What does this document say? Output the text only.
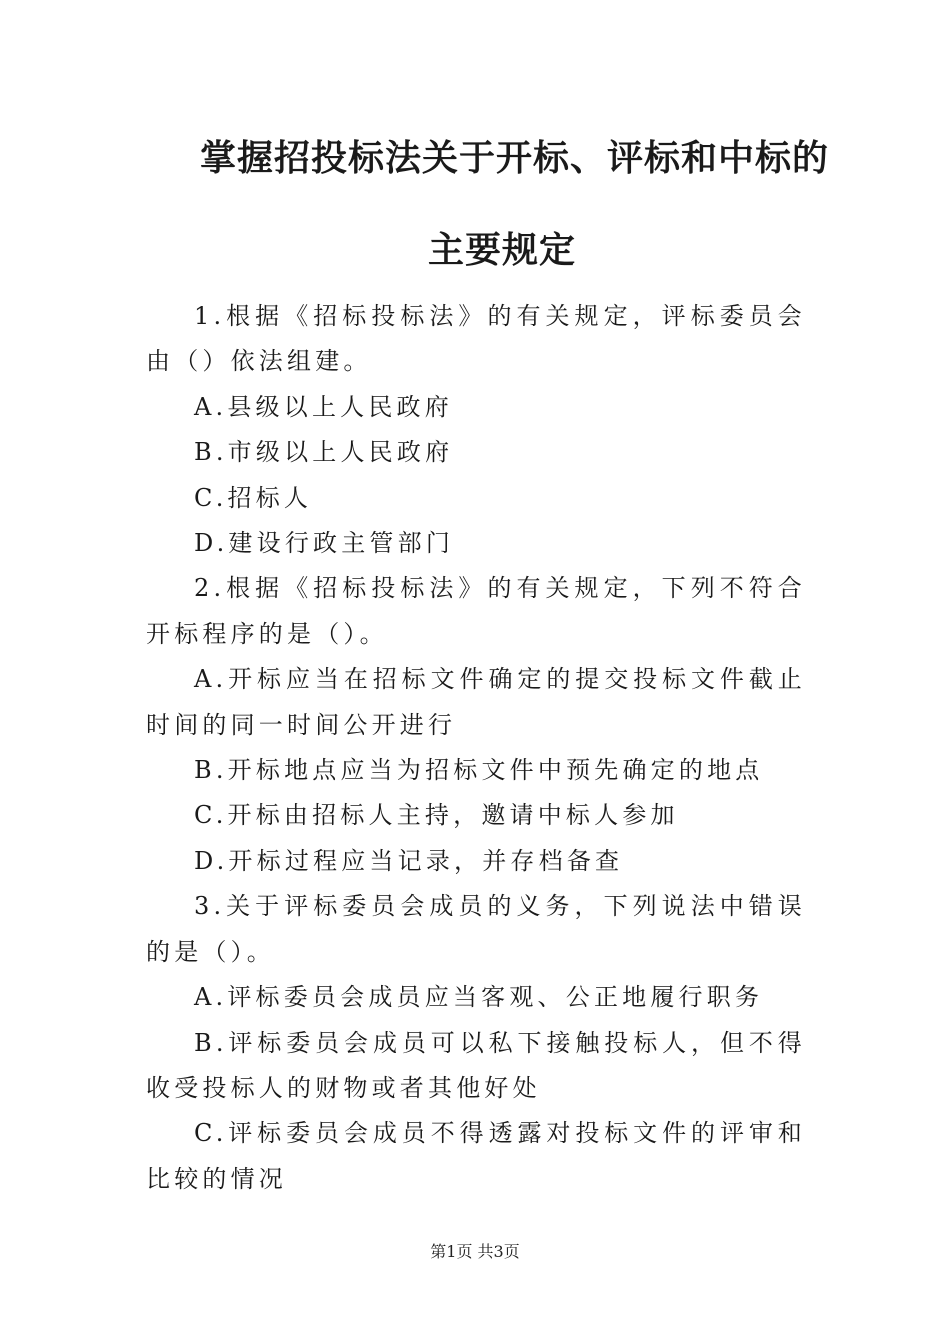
掌握招投标法关于开标、评标和中标的
主要规定

1.根据《招标投标法》的有关规定，评标委员会由（）依法组建。

A.县级以上人民政府

B.市级以上人民政府

C.招标人

D.建设行政主管部门

2.根据《招标投标法》的有关规定，下列不符合开标程序的是（）。

A.开标应当在招标文件确定的提交投标文件截止时间的同一时间公开进行

B.开标地点应当为招标文件中预先确定的地点

C.开标由招标人主持，邀请中标人参加

D.开标过程应当记录，并存档备查

3.关于评标委员会成员的义务，下列说法中错误的是（）。

A.评标委员会成员应当客观、公正地履行职务

B.评标委员会成员可以私下接触投标人，但不得收受投标人的财物或者其他好处

C.评标委员会成员不得透露对投标文件的评审和比较的情况

第1页 共3页
